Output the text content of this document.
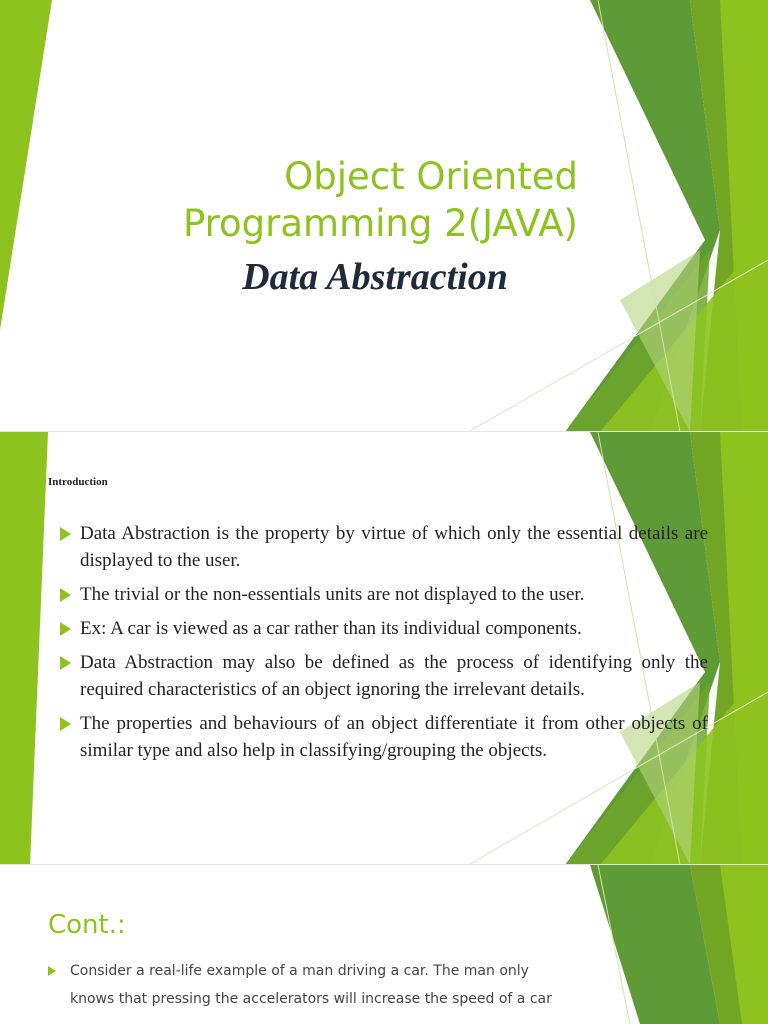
Object Oriented
Programming 2(JAVA)
Data Abstraction
Introduction
Data Abstraction is the property by virtue of which only the essential details are displayed to the user.
The trivial or the non-essentials units are not displayed to the user.
Ex: A car is viewed as a car rather than its individual components.
Data Abstraction may also be defined as the process of identifying only the required characteristics of an object ignoring the irrelevant details.
The properties and behaviours of an object differentiate it from other objects of similar type and also help in classifying/grouping the objects.
Cont.:
Consider a real-life example of a man driving a car. The man only
knows that pressing the accelerators will increase the speed of a car
